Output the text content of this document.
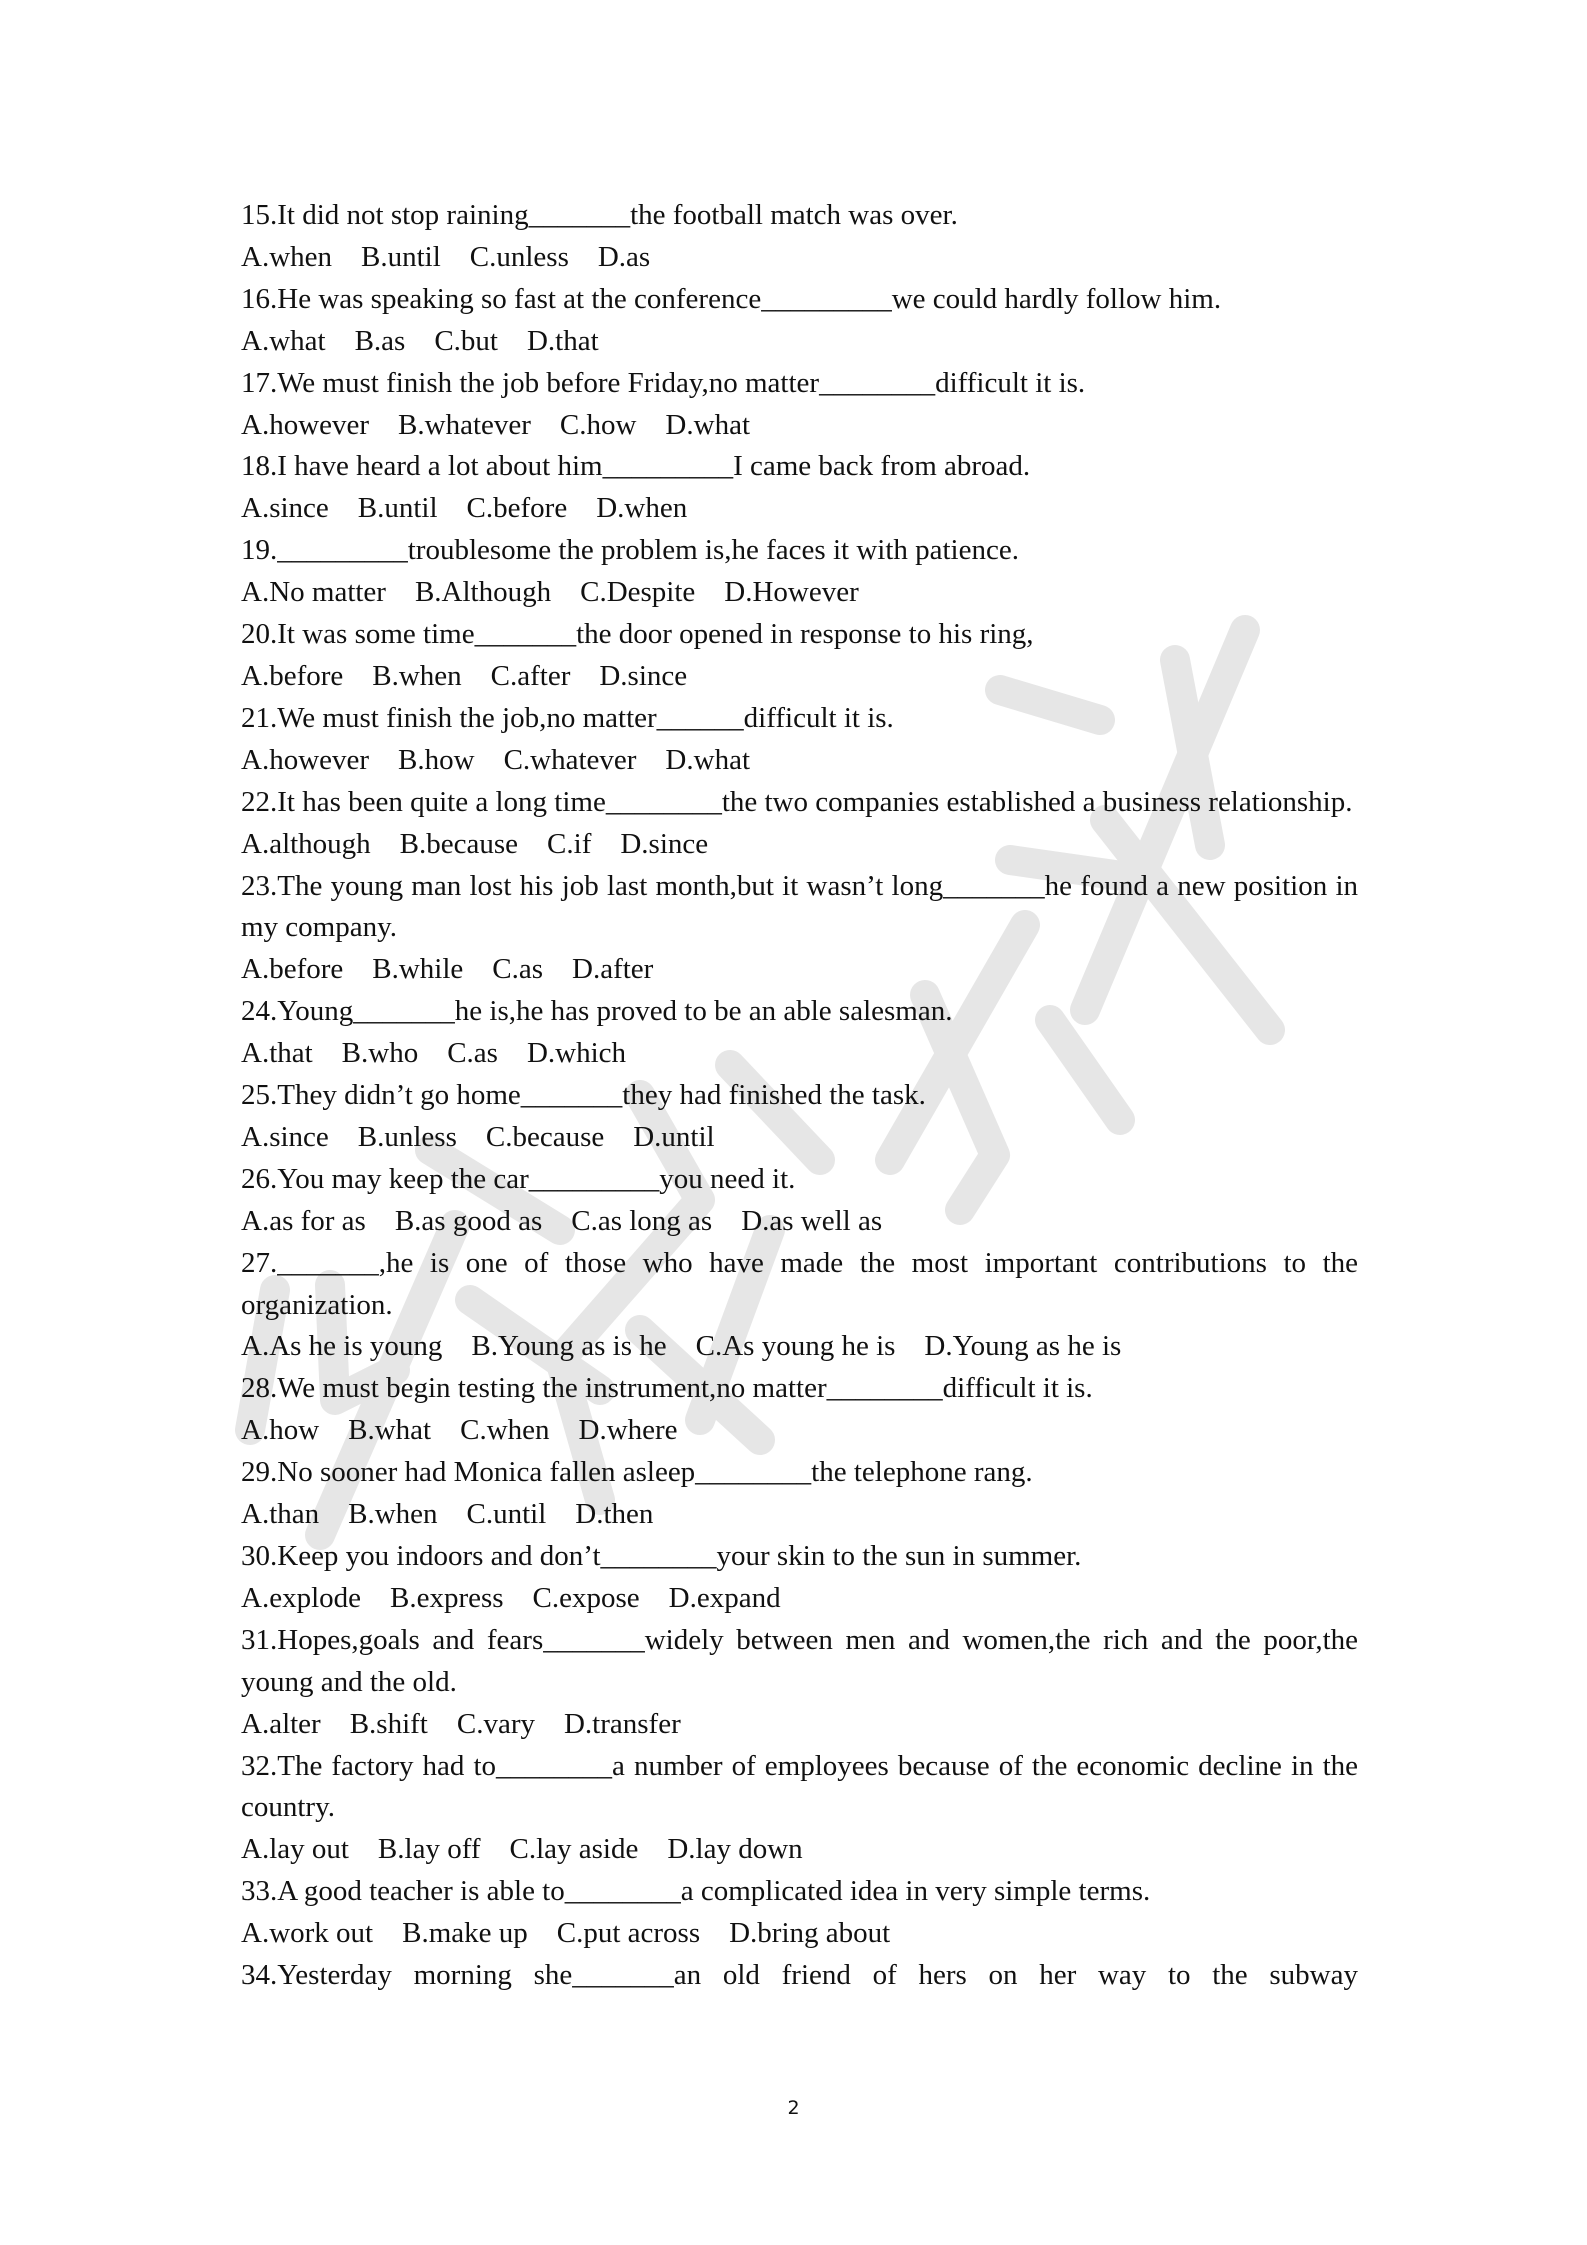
15.It did not stop raining_______the football match was over.
A.when    B.until    C.unless    D.as
16.He was speaking so fast at the conference_________we could hardly follow him.
A.what    B.as    C.but    D.that
17.We must finish the job before Friday,no matter________difficult it is.
A.however    B.whatever    C.how    D.what
18.I have heard a lot about him_________I came back from abroad.
A.since    B.until    C.before    D.when
19._________troublesome the problem is,he faces it with patience.
A.No matter    B.Although    C.Despite    D.However
20.It was some time_______the door opened in response to his ring,
A.before    B.when    C.after    D.since
21.We must finish the job,no matter______difficult it is.
A.however    B.how    C.whatever    D.what
22.It has been quite a long time________the two companies established a business relationship.
A.although    B.because    C.if    D.since
23.The young man lost his job last month,but it wasn’t long_______he found a new position in my company.
A.before    B.while    C.as    D.after
24.Young_______he is,he has proved to be an able salesman.
A.that    B.who    C.as    D.which
25.They didn’t go home_______they had finished the task.
A.since    B.unless    C.because    D.until
26.You may keep the car_________you need it.
A.as for as    B.as good as    C.as long as    D.as well as
27._______,he is one of those who have made the most important contributions to the organization.
A.As he is young    B.Young as is he    C.As young he is    D.Young as he is
28.We must begin testing the instrument,no matter________difficult it is.
A.how    B.what    C.when    D.where
29.No sooner had Monica fallen asleep________the telephone rang.
A.than    B.when    C.until    D.then
30.Keep you indoors and don’t________your skin to the sun in summer.
A.explode    B.express    C.expose    D.expand
31.Hopes,goals and fears_______widely between men and women,the rich and the poor,the young and the old.
A.alter    B.shift    C.vary    D.transfer
32.The factory had to________a number of employees because of the economic decline in the country.
A.lay out    B.lay off    C.lay aside    D.lay down
33.A good teacher is able to________a complicated idea in very simple terms.
A.work out    B.make up    C.put across    D.bring about
34.Yesterday morning she_______an old friend of hers on her way to the subway
2
